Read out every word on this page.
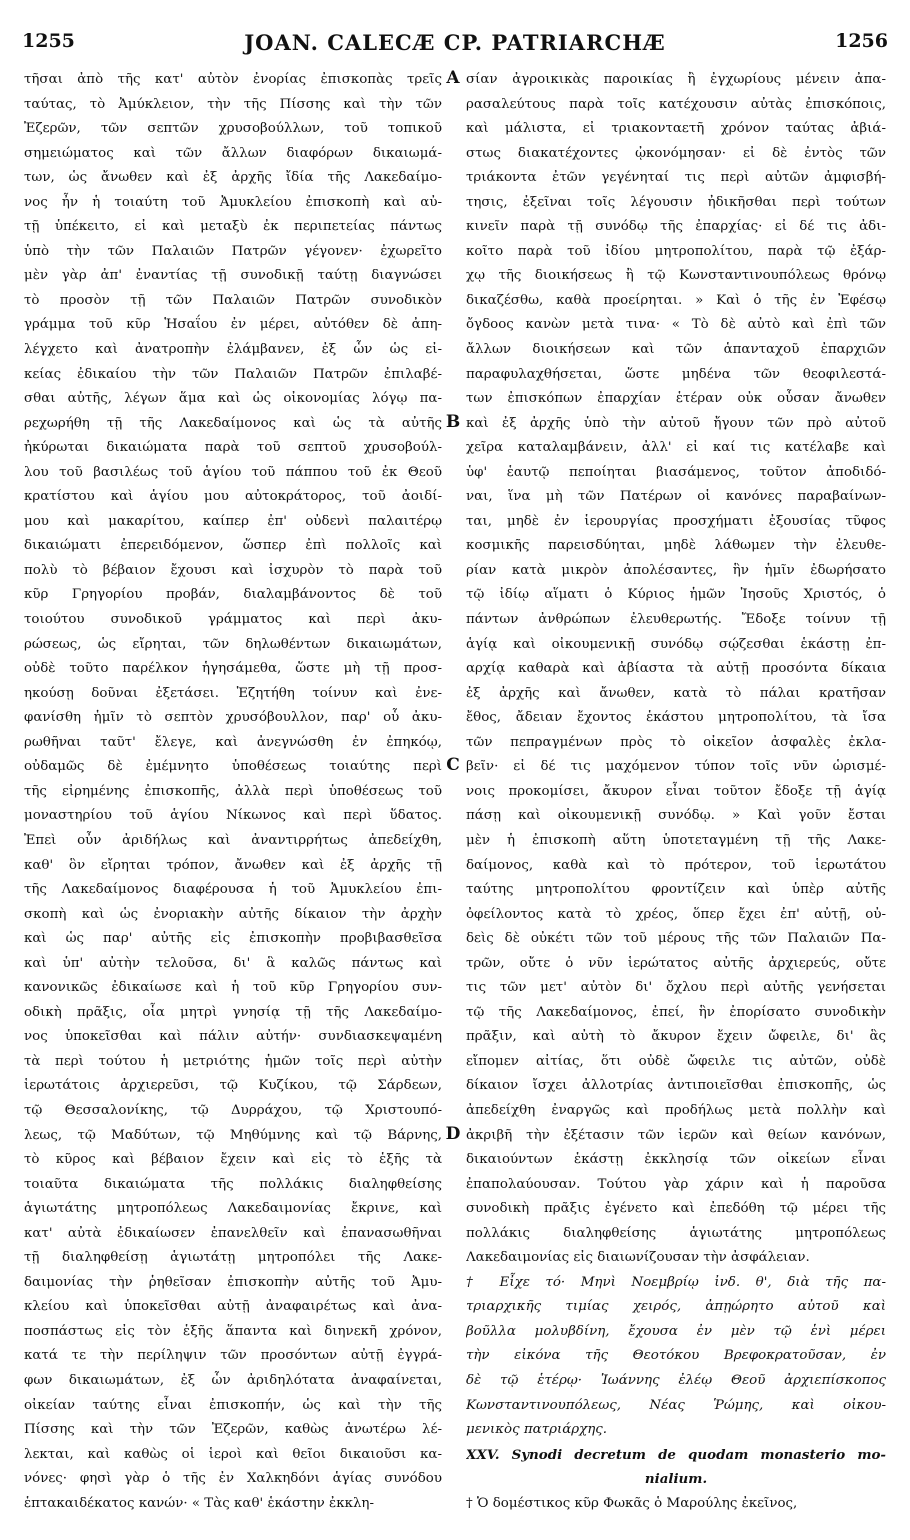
1255	JOAN. CALECÆ CP. PATRIARCHÆ	1256
τῆσαι ἀπὸ τῆς κατ' αὐτὸν ἐνορίας ἐπισκοπὰς τρεῖς
ταύτας, τὸ Ἀμύκλειον, τὴν τῆς Πίσσης καὶ τὴν τῶν
Ἐζερῶν, τῶν σεπτῶν χρυσοβούλλων, τοῦ τοπικοῦ
σημειώματος καὶ τῶν ἄλλων διαφόρων δικαιωμά-
των, ὡς ἄνωθεν καὶ ἐξ ἀρχῆς ἴδία τῆς Λακεδαίμο-
νος ἦν ἡ τοιαύτη τοῦ Ἀμυκλείου ἐπισκοπὴ καὶ αὐ-
τῇ ὑπέκειτο, εἰ καὶ μεταξὺ ἐκ περιπετείας πάντως
ὑπὸ τὴν τῶν Παλαιῶν Πατρῶν γέγονεν· ἐχωρεῖτο
μὲν γὰρ ἀπ' ἐναντίας τῇ συνοδικῇ ταύτῃ διαγνώσει
τὸ προσὸν τῇ τῶν Παλαιῶν Πατρῶν συνοδικὸν
γράμμα τοῦ κῦρ Ἡσαΐου ἐν μέρει, αὐτόθεν δὲ ἀπη-
λέγχετο καὶ ἀνατροπὴν ἐλάμβανεν, ἐξ ὧν ὡς εἰ-
κείας ἐδικαίου τὴν τῶν Παλαιῶν Πατρῶν ἐπιλαβέ-
σθαι αὐτῆς, λέγων ἅμα καὶ ὡς οἰκονομίας λόγῳ πα-
ρεχωρήθη τῇ τῆς Λακεδαίμονος καὶ ὡς τὰ αὐτῆς
ἠκύρωται δικαιώματα παρὰ τοῦ σεπτοῦ χρυσοβούλ-
λου τοῦ βασιλέως τοῦ ἁγίου τοῦ πάππου τοῦ ἐκ Θεοῦ
κρατίστου καὶ ἁγίου μου αὐτοκράτορος, τοῦ ἀοιδί-
μου καὶ μακαρίτου, καίπερ ἐπ' οὐδενὶ παλαιτέρῳ
δικαιώματι ἐπερειδόμενον, ὥσπερ ἐπὶ πολλοῖς καὶ
πολὺ τὸ βέβαιον ἔχουσι καὶ ἰσχυρὸν τὸ παρὰ τοῦ
κῦρ Γρηγορίου προβάν, διαλαμβάνοντος δὲ τοῦ
τοιούτου συνοδικοῦ γράμματος καὶ περὶ ἀκυ-
ρώσεως, ὡς εἴρηται, τῶν δηλωθέντων δικαιωμάτων,
οὐδὲ τοῦτο παρέλκον ἡγησάμεθα, ὥστε μὴ τῇ προσ-
ηκούσῃ δοῦναι ἐξετάσει. Ἐζητήθη τοίνυν καὶ ἐνε-
φανίσθη ἡμῖν τὸ σεπτὸν χρυσόβουλλον, παρ' οὗ ἀκυ-
ρωθῆναι ταῦτ' ἔλεγε, καὶ ἀνεγνώσθη ἐν ἐπηκόῳ,
οὐδαμῶς δὲ ἐμέμνητο ὑποθέσεως τοιαύτης περὶ
τῆς εἰρημένης ἐπισκοπῆς, ἀλλὰ περὶ ὑποθέσεως τοῦ
μοναστηρίου τοῦ ἁγίου Νίκωνος καὶ περὶ ὕδατος.
Ἐπεὶ οὖν ἀριδήλως καὶ ἀναντιρρήτως ἀπεδείχθη,
καθ' ὃν εἴρηται τρόπον, ἄνωθεν καὶ ἐξ ἀρχῆς τῇ
τῆς Λακεδαίμονος διαφέρουσα ἡ τοῦ Ἀμυκλείου ἐπι-
σκοπὴ καὶ ὡς ἐνοριακὴν αὐτῆς δίκαιον τὴν ἀρχὴν
καὶ ὡς παρ' αὐτῆς εἰς ἐπισκοπὴν προβιβασθεῖσα
καὶ ὑπ' αὐτὴν τελοῦσα, δι' ἃ καλῶς πάντως καὶ
κανονικῶς ἐδικαίωσε καὶ ἡ τοῦ κῦρ Γρηγορίου συν-
οδικὴ πρᾶξις, οἷα μητρὶ γνησίᾳ τῇ τῆς Λακεδαίμο-
νος ὑποκεῖσθαι καὶ πάλιν αὐτήν· συνδιασκεψαμένη
τὰ περὶ τούτου ἡ μετριότης ἡμῶν τοῖς περὶ αὐτὴν
ἱερωτάτοις ἀρχιερεῦσι, τῷ Κυζίκου, τῷ Σάρδεων,
τῷ Θεσσαλονίκης, τῷ Δυρράχου, τῷ Χριστουπό-
λεως, τῷ Μαδύτων, τῷ Μηθύμνης καὶ τῷ Βάρνης,
τὸ κῦρος καὶ βέβαιον ἔχειν καὶ εἰς τὸ ἑξῆς τὰ
τοιαῦτα δικαιώματα τῆς πολλάκις διαληφθείσης
ἁγιωτάτης μητροπόλεως Λακεδαιμονίας ἔκρινε, καὶ
κατ' αὐτὰ ἐδικαίωσεν ἐπανελθεῖν καὶ ἐπανασωθῆναι
τῇ διαληφθείσῃ ἁγιωτάτῃ μητροπόλει τῆς Λακε-
δαιμονίας τὴν ῥηθεῖσαν ἐπισκοπὴν αὐτῆς τοῦ Ἀμυ-
κλείου καὶ ὑποκεῖσθαι αὐτῇ ἀναφαιρέτως καὶ ἀνα-
ποσπάστως εἰς τὸν ἑξῆς ἅπαντα καὶ διηνεκῆ χρόνον,
κατά τε τὴν περίληψιν τῶν προσόντων αὐτῇ ἐγγρά-
φων δικαιωμάτων, ἐξ ὧν ἀριδηλότατα ἀναφαίνεται,
οἰκείαν ταύτης εἶναι ἐπισκοπήν, ὡς καὶ τὴν τῆς
Πίσσης καὶ τὴν τῶν Ἐζερῶν, καθὼς ἀνωτέρω λέ-
λεκται, καὶ καθὼς οἱ ἱεροὶ καὶ θεῖοι δικαιοῦσι κα-
νόνες· φησὶ γὰρ ὁ τῆς ἐν Χαλκηδόνι ἁγίας συνόδου
ἑπτακαιδέκατος κανών· « Τὰς καθ' ἑκάστην ἐκκλη-
σίαν ἀγροικικὰς παροικίας ἢ ἐγχωρίους μένειν ἀπα-
ρασαλεύτους παρὰ τοῖς κατέχουσιν αὐτὰς ἐπισκόποις,
καὶ μάλιστα, εἰ τριακονταετῆ χρόνον ταύτας ἀβιά-
στως διακατέχοντες ᾠκονόμησαν· εἰ δὲ ἐντὸς τῶν
τριάκοντα ἐτῶν γεγένηταί τις περὶ αὐτῶν ἀμφισβή-
τησις, ἐξεῖναι τοῖς λέγουσιν ἠδικῆσθαι περὶ τούτων
κινεῖν παρὰ τῇ συνόδῳ τῆς ἐπαρχίας· εἰ δέ τις ἀδι-
κοῖτο παρὰ τοῦ ἰδίου μητροπολίτου, παρὰ τῷ ἐξάρ-
χῳ τῆς διοικήσεως ἢ τῷ Κωνσταντινουπόλεως θρόνῳ
δικαζέσθω, καθὰ προείρηται. » Καὶ ὁ τῆς ἐν Ἐφέσῳ
ὄγδοος κανὼν μετὰ τινα· « Τὸ δὲ αὐτὸ καὶ ἐπὶ τῶν
ἄλλων διοικήσεων καὶ τῶν ἁπανταχοῦ ἐπαρχιῶν
παραφυλαχθήσεται, ὥστε μηδένα τῶν θεοφιλεστά-
των ἐπισκόπων ἐπαρχίαν ἑτέραν οὐκ οὖσαν ἄνωθεν
καὶ ἐξ ἀρχῆς ὑπὸ τὴν αὐτοῦ ἤγουν τῶν πρὸ αὐτοῦ
χεῖρα καταλαμβάνειν, ἀλλ' εἰ καί τις κατέλαβε καὶ
ὑφ' ἑαυτῷ πεποίηται βιασάμενος, τοῦτον ἀποδιδό-
ναι, ἵνα μὴ τῶν Πατέρων οἱ κανόνες παραβαίνων-
ται, μηδὲ ἐν ἱερουργίας προσχήματι ἐξουσίας τῦφος
κοσμικῆς παρεισδύηται, μηδὲ λάθωμεν τὴν ἐλευθε-
ρίαν κατὰ μικρὸν ἀπολέσαντες, ἣν ἡμῖν ἐδωρήσατο
τῷ ἰδίῳ αἵματι ὁ Κύριος ἡμῶν Ἰησοῦς Χριστός, ὁ
πάντων ἀνθρώπων ἐλευθερωτής. Ἔδοξε τοίνυν τῇ
ἁγίᾳ καὶ οἰκουμενικῇ συνόδῳ σῴζεσθαι ἑκάστῃ ἐπ-
αρχίᾳ καθαρὰ καὶ ἀβίαστα τὰ αὐτῇ προσόντα δίκαια
ἐξ ἀρχῆς καὶ ἄνωθεν, κατὰ τὸ πάλαι κρατῆσαν
ἔθος, ἄδειαν ἔχοντος ἑκάστου μητροπολίτου, τὰ ἴσα
τῶν πεπραγμένων πρὸς τὸ οἰκεῖον ἀσφαλὲς ἐκλα-
βεῖν· εἰ δέ τις μαχόμενον τύπον τοῖς νῦν ὡρισμέ-
νοις προκομίσει, ἄκυρον εἶναι τοῦτον ἔδοξε τῇ ἁγίᾳ
πάσῃ καὶ οἰκουμενικῇ συνόδῳ. » Καὶ γοῦν ἔσται
μὲν ἡ ἐπισκοπὴ αὕτη ὑποτεταγμένη τῇ τῆς Λακε-
δαίμονος, καθὰ καὶ τὸ πρότερον, τοῦ ἱερωτάτου
ταύτης μητροπολίτου φροντίζειν καὶ ὑπὲρ αὐτῆς
ὀφείλοντος κατὰ τὸ χρέος, ὅπερ ἔχει ἐπ' αὐτῇ, οὐ-
δεὶς δὲ οὐκέτι τῶν τοῦ μέρους τῆς τῶν Παλαιῶν Πα-
τρῶν, οὔτε ὁ νῦν ἱερώτατος αὐτῆς ἀρχιερεύς, οὔτε
τις τῶν μετ' αὐτὸν δι' ὄχλου περὶ αὐτῆς γενήσεται
τῷ τῆς Λακεδαίμονος, ἐπεί, ἣν ἐπορίσατο συνοδικὴν
πρᾶξιν, καὶ αὐτὴ τὸ ἄκυρον ἔχειν ὤφειλε, δι' ἃς
εἴπομεν αἰτίας, ὅτι οὐδὲ ὤφειλε τις αὐτῶν, οὐδὲ
δίκαιον ἴσχει ἀλλοτρίας ἀντιποιεῖσθαι ἐπισκοπῆς, ὡς
ἀπεδείχθη ἐναργῶς καὶ προδήλως μετὰ πολλὴν καὶ
ἀκριβῆ τὴν ἐξέτασιν τῶν ἱερῶν καὶ θείων κανόνων,
δικαιούντων ἑκάστῃ ἐκκλησίᾳ τῶν οἰκείων εἶναι
ἐπαπολαύουσαν. Τούτου γὰρ χάριν καὶ ἡ παροῦσα
συνοδικὴ πρᾶξις ἐγένετο καὶ ἐπεδόθη τῷ μέρει τῆς
πολλάκις διαληφθείσης ἁγιωτάτης μητροπόλεως
Λακεδαιμονίας εἰς διαιωνίζουσαν τὴν ἀσφάλειαν.
† Εἶχε τό· Μηνὶ Νοεμβρίῳ ἰνδ. θ', διὰ τῆς πα-
τριαρχικῆς τιμίας χειρός, ἀπῃώρητο αὐτοῦ καὶ
βοῦλλα μολυβδίνη, ἔχουσα ἐν μὲν τῷ ἑνὶ μέρει
τὴν εἰκόνα τῆς Θεοτόκου Βρεφοκρατοῦσαν, ἐν
δὲ τῷ ἑτέρῳ· Ἰωάννης ἐλέῳ Θεοῦ ἀρχιεπίσκοπος
Κωνσταντινουπόλεως, Νέας Ῥώμης, καὶ οἰκου-
μενικὸς πατριάρχης.
XXV. Synodi decretum de quodam monasterio mo-
nialium.
† Ὁ δομέστικος κῦρ Φωκᾶς ὁ Μαρούλης ἐκεῖνος,
A
B
C
D
